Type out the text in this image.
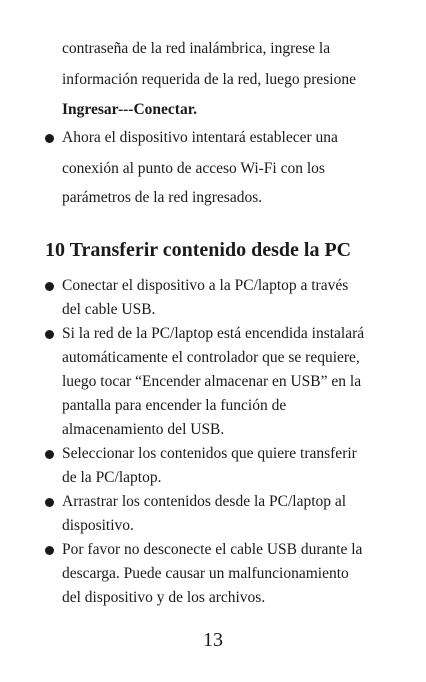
contraseña de la red inalámbrica, ingrese la
información requerida de la red, luego presione
Ingresar---Conectar.
Ahora el dispositivo intentará establecer una
conexión al punto de acceso Wi-Fi con los
parámetros de la red ingresados.
10 Transferir contenido desde la PC
Conectar el dispositivo a la PC/laptop a través
del cable USB.
Si la red de la PC/laptop está encendida instalará
automáticamente el controlador que se requiere,
luego tocar “Encender almacenar en USB” en la
pantalla para encender la función de
almacenamiento del USB.
Seleccionar los contenidos que quiere transferir
de la PC/laptop.
Arrastrar los contenidos desde la PC/laptop al
dispositivo.
Por favor no desconecte el cable USB durante la
descarga. Puede causar un malfuncionamiento
del dispositivo y de los archivos.
13
